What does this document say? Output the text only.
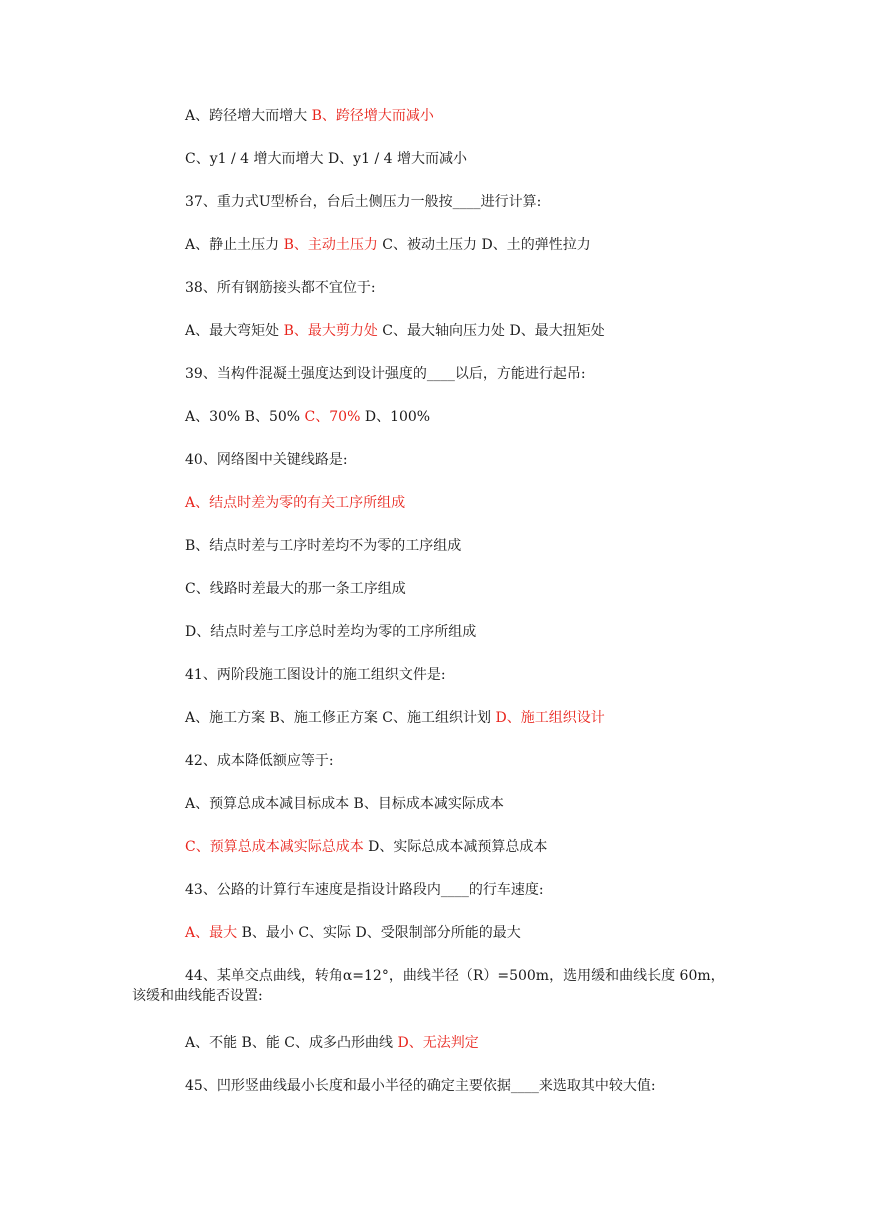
A、跨径增大而增大 B、跨径增大而减小
C、y1 / 4 增大而增大 D、y1 / 4 增大而减小
37、重力式U型桥台，台后土侧压力一般按____进行计算:
A、静止土压力 B、主动土压力 C、被动土压力 D、土的弹性拉力
38、所有钢筋接头都不宜位于:
A、最大弯矩处 B、最大剪力处 C、最大轴向压力处 D、最大扭矩处
39、当构件混凝土强度达到设计强度的____以后，方能进行起吊:
A、30% B、50% C、70% D、100%
40、网络图中关键线路是:
A、结点时差为零的有关工序所组成
B、结点时差与工序时差均不为零的工序组成
C、线路时差最大的那一条工序组成
D、结点时差与工序总时差均为零的工序所组成
41、两阶段施工图设计的施工组织文件是:
A、施工方案 B、施工修正方案 C、施工组织计划 D、施工组织设计
42、成本降低额应等于:
A、预算总成本减目标成本 B、目标成本减实际成本
C、预算总成本减实际总成本 D、实际总成本减预算总成本
43、公路的计算行车速度是指设计路段内____的行车速度:
A、最大 B、最小 C、实际 D、受限制部分所能的最大
44、某单交点曲线，转角α=12°，曲线半径（R）=500m，选用缓和曲线长度 60m，该缓和曲线能否设置:
A、不能 B、能 C、成多凸形曲线 D、无法判定
45、凹形竖曲线最小长度和最小半径的确定主要依据____来选取其中较大值:
